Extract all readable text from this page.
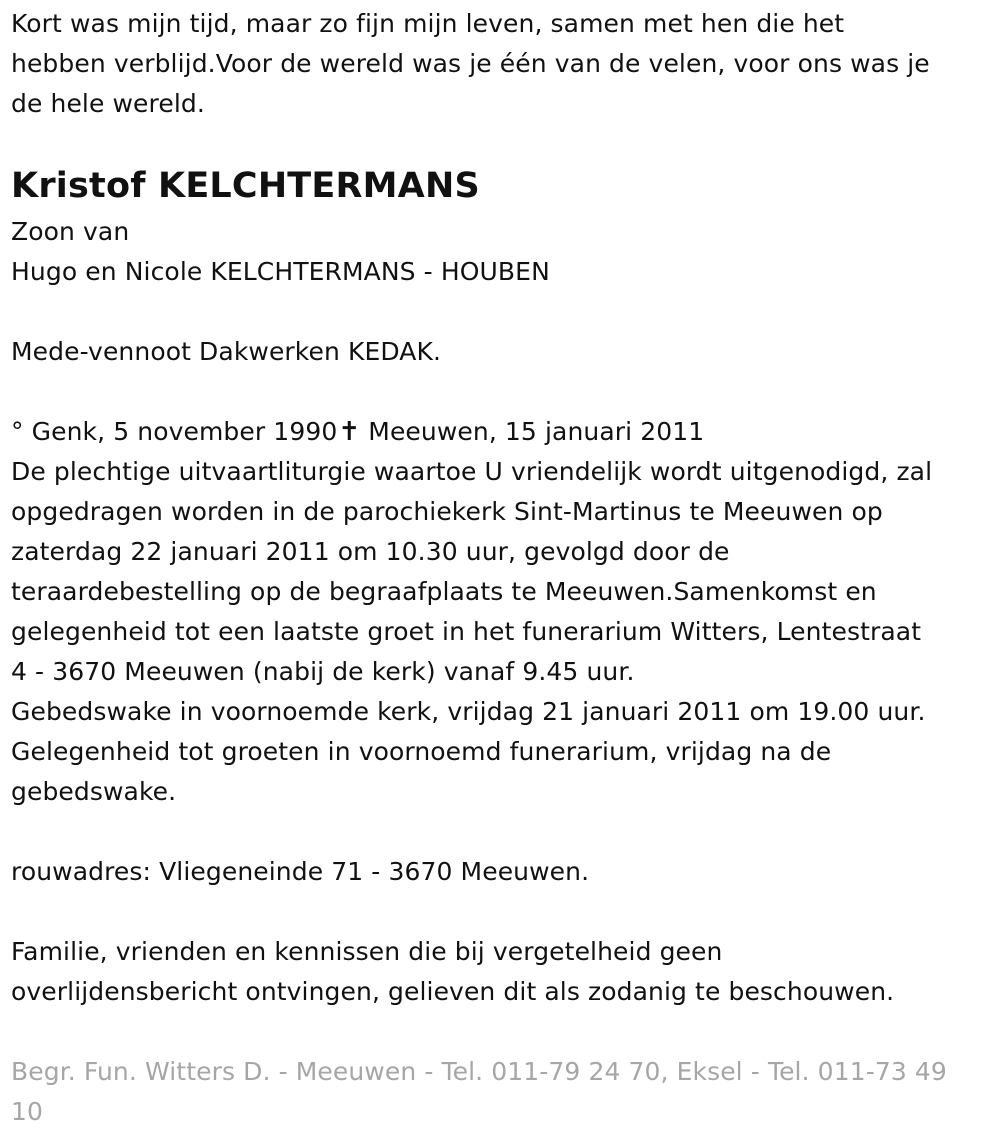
Kort was mijn tijd, maar zo fijn mijn leven, samen met hen die het
hebben verblijd.Voor de wereld was je één van de velen, voor ons was je
de hele wereld.

Kristof KELCHTERMANS

Zoon van
Hugo en Nicole KELCHTERMANS - HOUBEN

Mede-vennoot Dakwerken KEDAK.

° Genk, 5 november 1990✝ Meeuwen, 15 januari 2011
De plechtige uitvaartliturgie waartoe U vriendelijk wordt uitgenodigd, zal
opgedragen worden in de parochiekerk Sint-Martinus te Meeuwen op
zaterdag 22 januari 2011 om 10.30 uur, gevolgd door de
teraardebestelling op de begraafplaats te Meeuwen.Samenkomst en
gelegenheid tot een laatste groet in het funerarium Witters, Lentestraat
4 - 3670 Meeuwen (nabij de kerk) vanaf 9.45 uur.
Gebedswake in voornoemde kerk, vrijdag 21 januari 2011 om 19.00 uur.
Gelegenheid tot groeten in voornoemd funerarium, vrijdag na de
gebedswake.

rouwadres: Vliegeneinde 71 - 3670 Meeuwen.

Familie, vrienden en kennissen die bij vergetelheid geen
overlijdensbericht ontvingen, gelieven dit als zodanig te beschouwen.

Begr. Fun. Witters D. - Meeuwen - Tel. 011-79 24 70, Eksel - Tel. 011-73 49
10
